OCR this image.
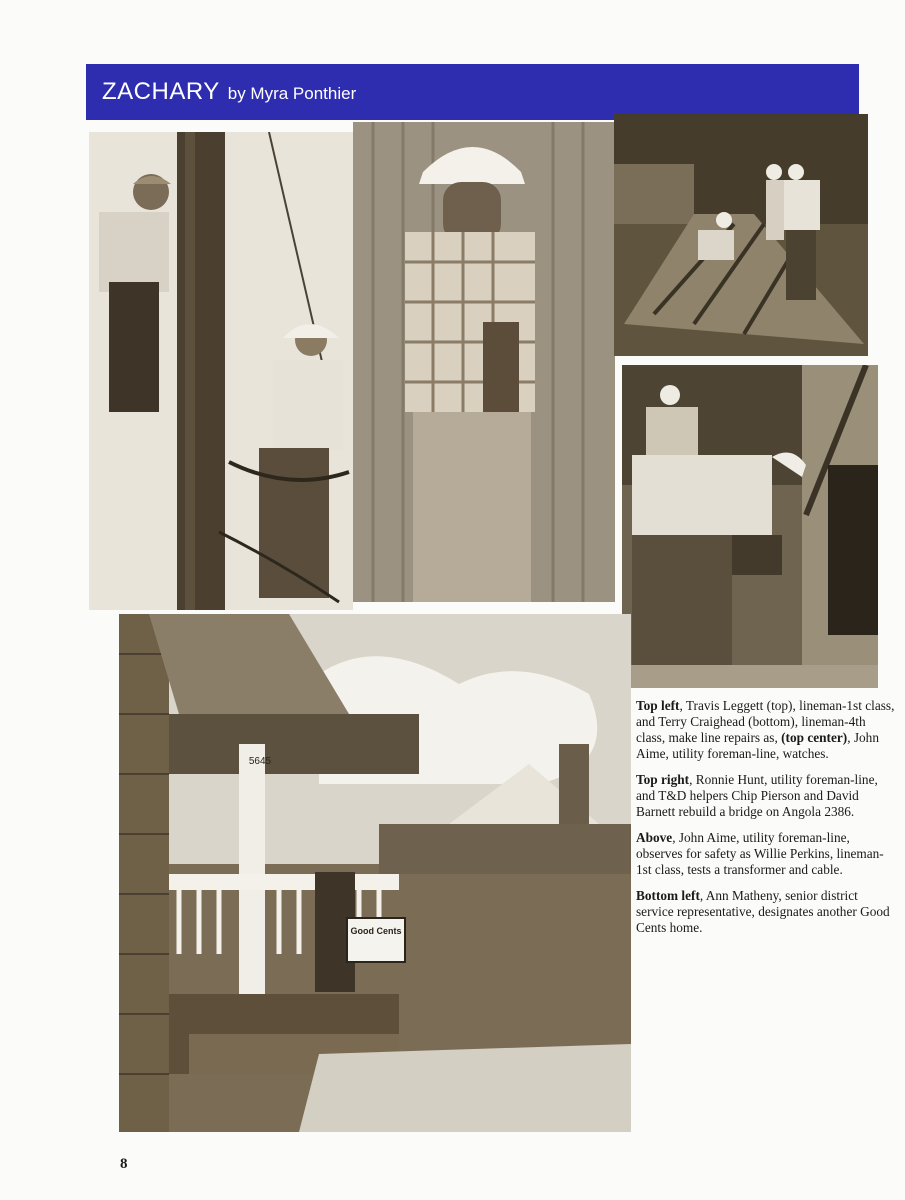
ZACHARY by Myra Ponthier
Good Cents
5645

Top left, Travis Leggett (top), lineman-1st class, and Terry Craighead (bottom), lineman-4th class, make line repairs as, (top center), John Aime, utility foreman-line, watches.

Top right, Ronnie Hunt, utility foreman-line, and T&D helpers Chip Pierson and David Barnett rebuild a bridge on Angola 2386.

Above, John Aime, utility foreman-line, observes for safety as Willie Perkins, lineman-1st class, tests a transformer and cable.

Bottom left, Ann Matheny, senior district service representative, designates another Good Cents home.

8
